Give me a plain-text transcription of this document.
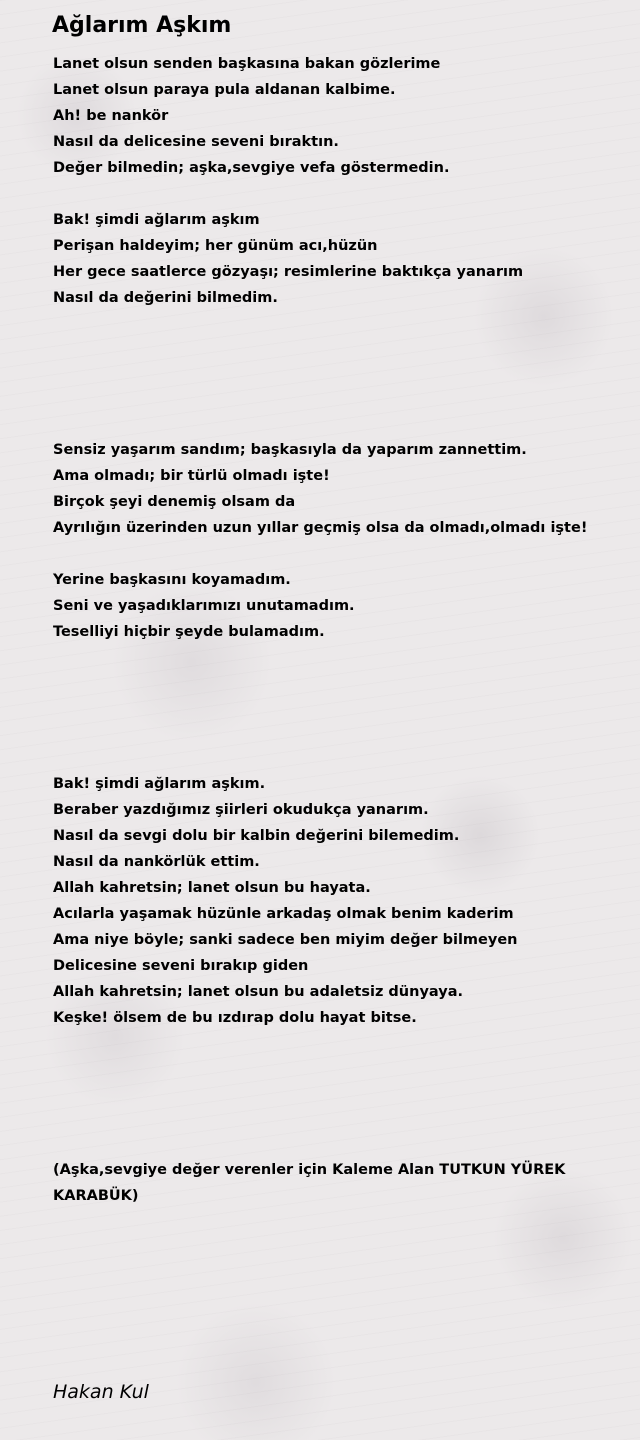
Ağlarım Aşkım
Lanet olsun senden başkasına bakan gözlerime
Lanet olsun paraya pula aldanan kalbime.
Ah! be nankör
Nasıl da delicesine seveni bıraktın.
Değer bilmedin; aşka,sevgiye vefa göstermedin.
Bak! şimdi ağlarım aşkım
Perişan haldeyim; her günüm acı,hüzün
Her gece saatlerce gözyaşı; resimlerine baktıkça yanarım
Nasıl da değerini bilmedim.
Sensiz yaşarım sandım; başkasıyla da yaparım zannettim.
Ama olmadı; bir türlü olmadı işte!
Birçok şeyi denemiş olsam da
Ayrılığın üzerinden uzun yıllar geçmiş olsa da olmadı,olmadı işte!
Yerine başkasını koyamadım.
Seni ve yaşadıklarımızı unutamadım.
Teselliyi hiçbir şeyde bulamadım.
Bak! şimdi ağlarım aşkım.
Beraber yazdığımız şiirleri okudukça yanarım.
Nasıl da sevgi dolu bir kalbin değerini bilemedim.
Nasıl da nankörlük ettim.
Allah kahretsin; lanet olsun bu hayata.
Acılarla yaşamak hüzünle arkadaş olmak benim kaderim
Ama niye böyle; sanki sadece ben miyim değer bilmeyen
Delicesine seveni bırakıp giden
Allah kahretsin; lanet olsun bu adaletsiz dünyaya.
Keşke! ölsem de bu ızdırap dolu hayat bitse.
(Aşka,sevgiye değer verenler için Kaleme Alan TUTKUN YÜREK
KARABÜK)
Hakan Kul
